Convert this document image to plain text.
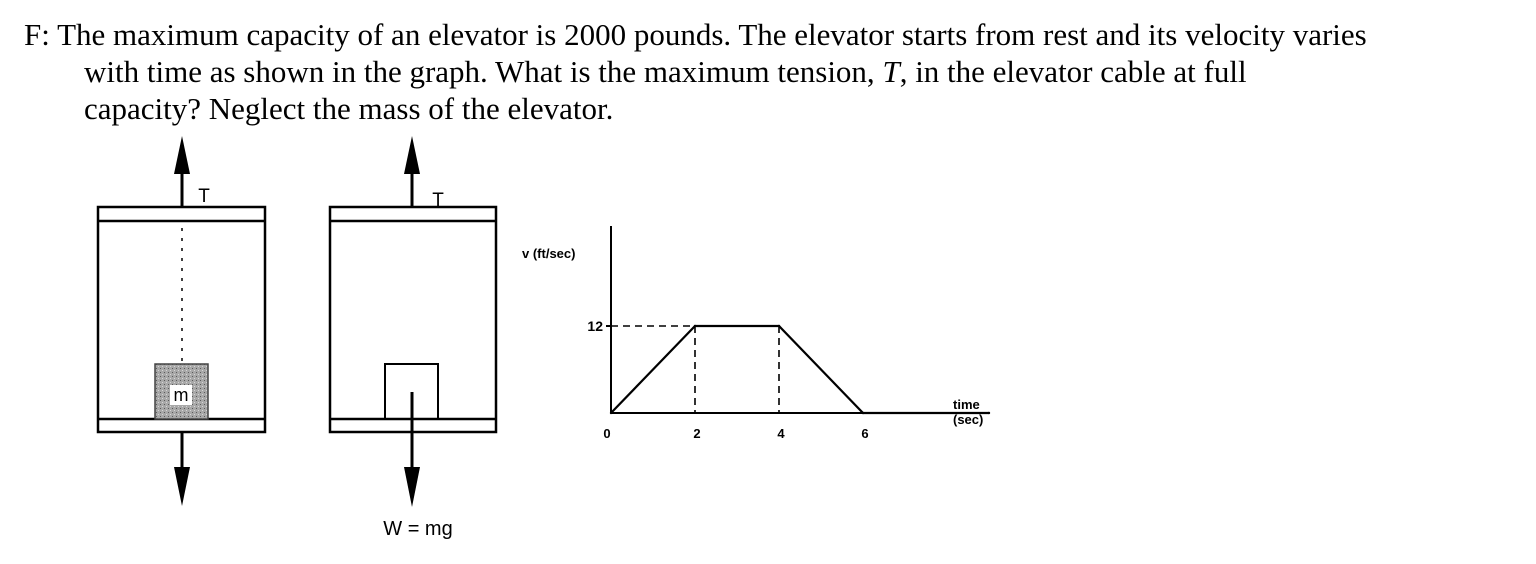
F: The maximum capacity of an elevator is 2000 pounds. The elevator starts from rest and its velocity varies
with time as shown in the graph. What is the maximum tension, T, in the elevator cable at full
capacity? Neglect the mass of the elevator.
T
m
T
W = mg
v (ft/sec)
time
(sec)
12
0	2	4	6
